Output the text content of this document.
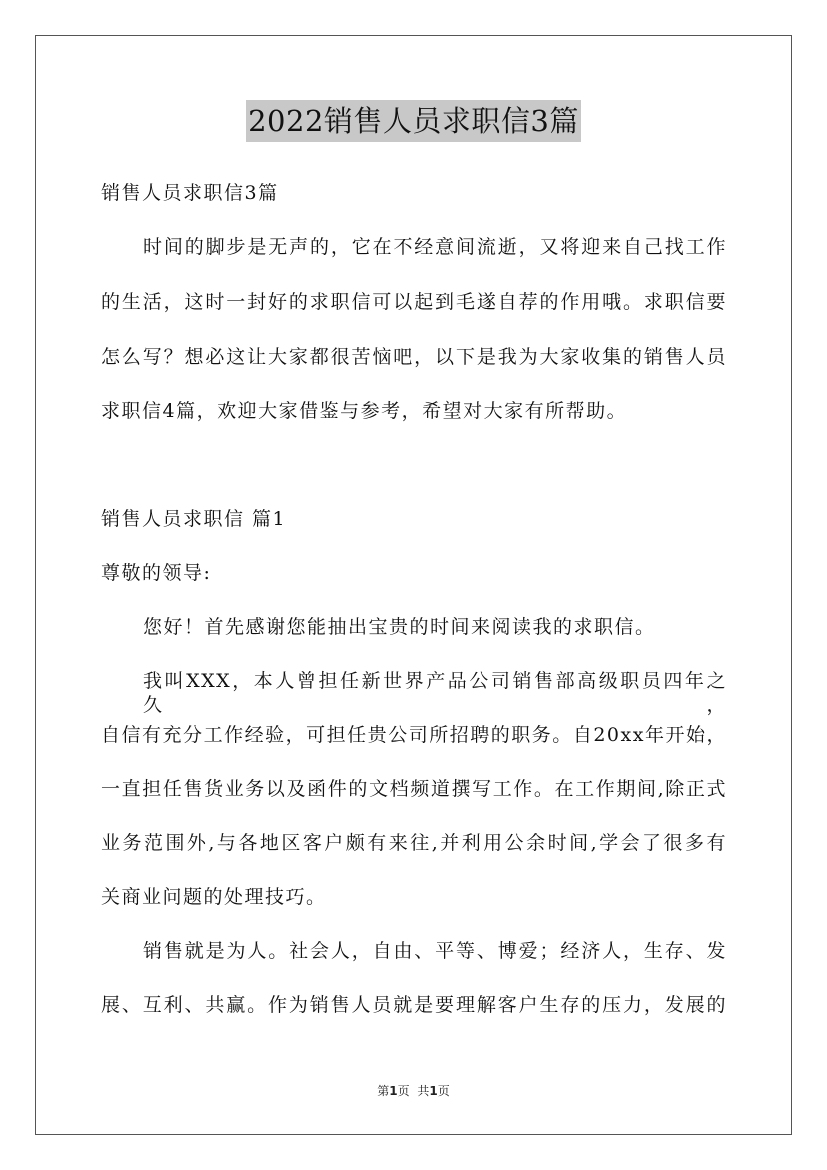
2022销售人员求职信3篇
销售人员求职信3篇
时间的脚步是无声的，它在不经意间流逝，又将迎来自己找工作
的生活，这时一封好的求职信可以起到毛遂自荐的作用哦。求职信要
怎么写？想必这让大家都很苦恼吧，以下是我为大家收集的销售人员
求职信4篇，欢迎大家借鉴与参考，希望对大家有所帮助。
销售人员求职信 篇1
尊敬的领导:
您好！首先感谢您能抽出宝贵的时间来阅读我的求职信。
我叫XXX，本人曾担任新世界产品公司销售部高级职员四年之久，
自信有充分工作经验，可担任贵公司所招聘的职务。自20xx年开始，
一直担任售货业务以及函件的文档频道撰写工作。在工作期间,除正式
业务范围外,与各地区客户颇有来往,并利用公余时间,学会了很多有
关商业问题的处理技巧。
销售就是为人。社会人，自由、平等、博爱；经济人，生存、发
展、互利、共赢。作为销售人员就是要理解客户生存的压力，发展的
第1页 共1页
